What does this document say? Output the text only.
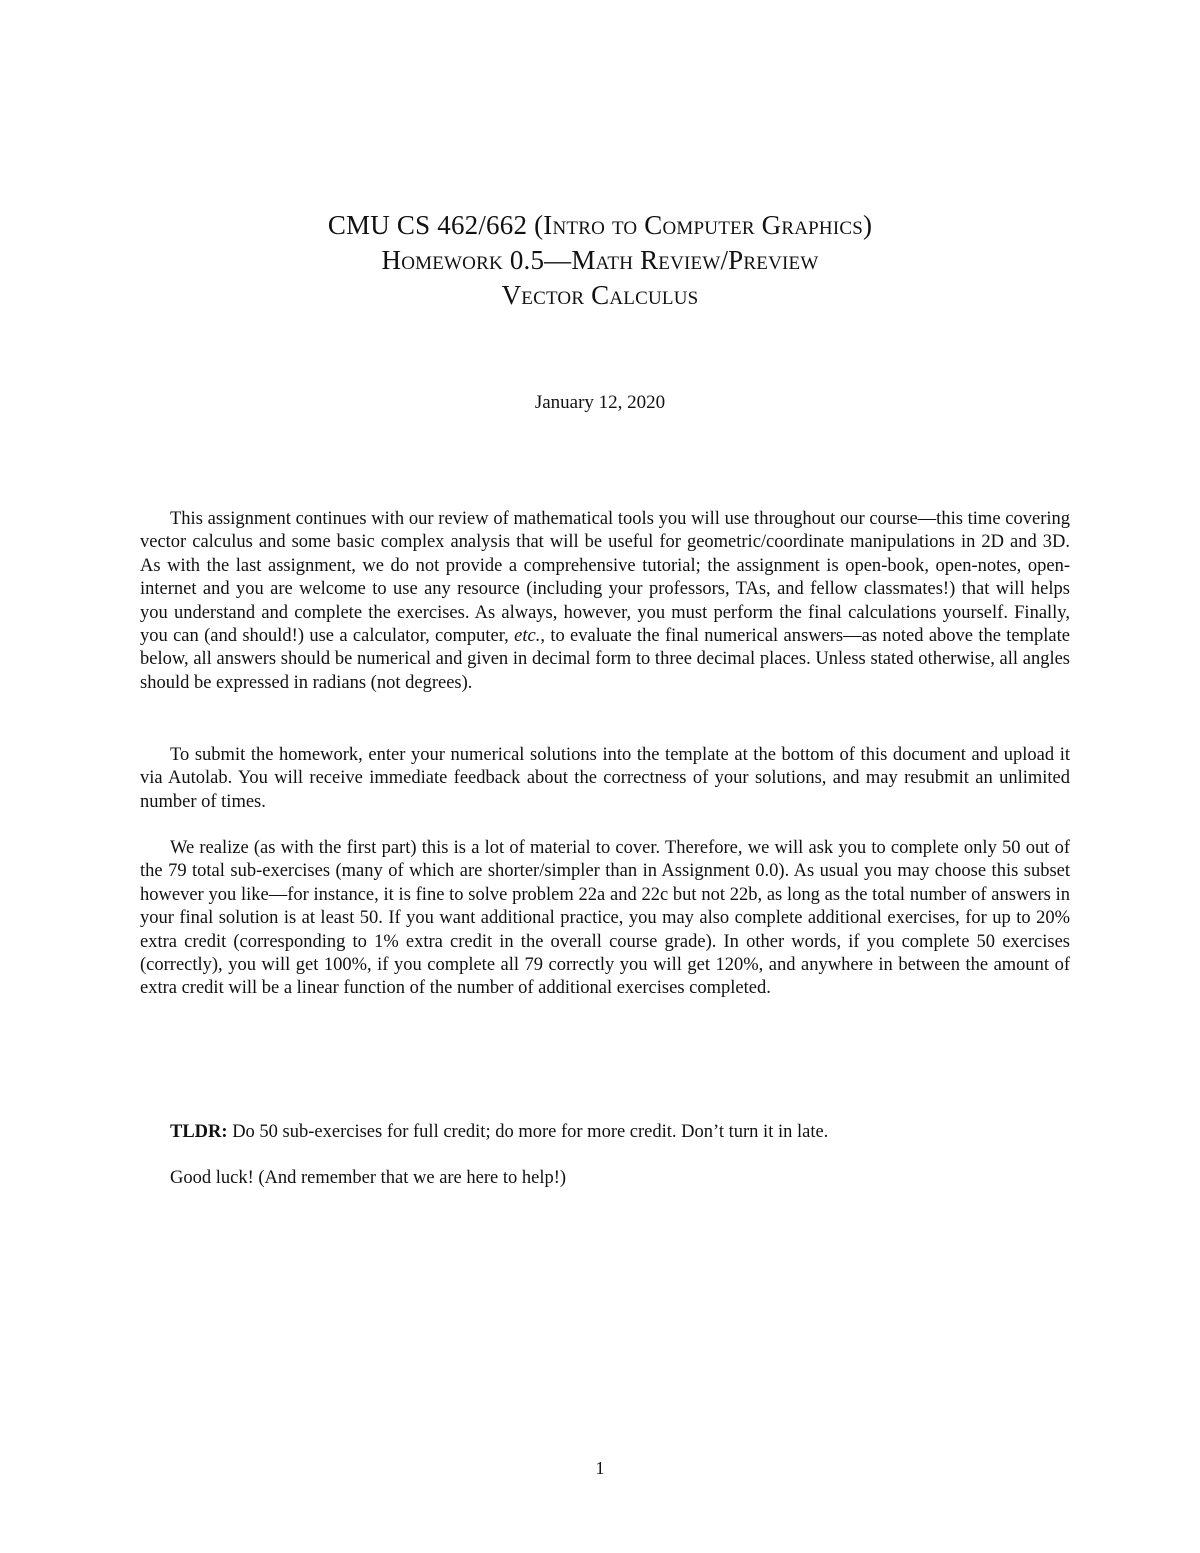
CMU CS 462/662 (Intro to Computer Graphics)
Homework 0.5—Math Review/Preview
Vector Calculus
January 12, 2020

This assignment continues with our review of mathematical tools you will use throughout our course—this time covering vector calculus and some basic complex analysis that will be useful for geometric/coordinate manipulations in 2D and 3D. As with the last assignment, we do not provide a comprehensive tutorial; the assignment is open-book, open-notes, open-internet and you are welcome to use any resource (including your professors, TAs, and fellow classmates!) that will helps you understand and complete the exercises. As always, however, you must perform the final calculations yourself. Finally, you can (and should!) use a calculator, computer, etc., to evaluate the final numerical answers—as noted above the template below, all answers should be numerical and given in decimal form to three decimal places. Unless stated otherwise, all angles should be expressed in radians (not degrees).

To submit the homework, enter your numerical solutions into the template at the bottom of this document and upload it via Autolab. You will receive immediate feedback about the correctness of your solutions, and may resubmit an unlimited number of times.

We realize (as with the first part) this is a lot of material to cover. Therefore, we will ask you to complete only 50 out of the 79 total sub-exercises (many of which are shorter/simpler than in Assignment 0.0). As usual you may choose this subset however you like—for instance, it is fine to solve problem 22a and 22c but not 22b, as long as the total number of answers in your final solution is at least 50. If you want additional practice, you may also complete additional exercises, for up to 20% extra credit (corresponding to 1% extra credit in the overall course grade). In other words, if you complete 50 exercises (correctly), you will get 100%, if you complete all 79 correctly you will get 120%, and anywhere in between the amount of extra credit will be a linear function of the number of additional exercises completed.

TLDR: Do 50 sub-exercises for full credit; do more for more credit. Don’t turn it in late.
Good luck! (And remember that we are here to help!)
1
